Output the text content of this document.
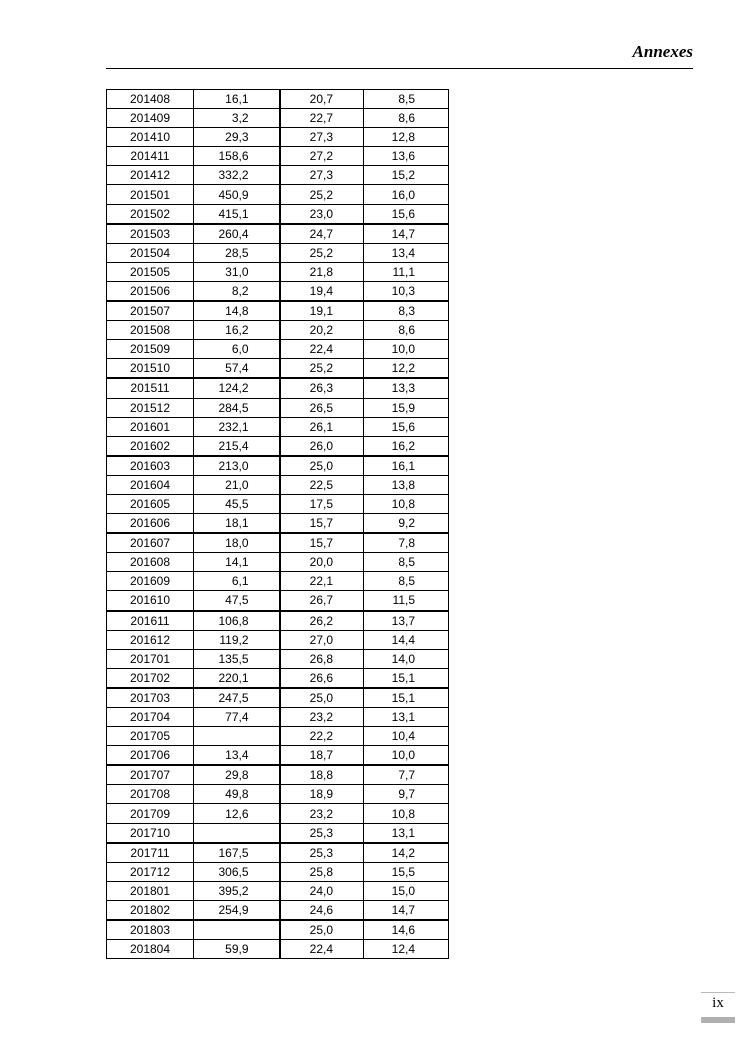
Annexes
201408	16,1	20,7	8,5
201409	3,2	22,7	8,6
201410	29,3	27,3	12,8
201411	158,6	27,2	13,6
201412	332,2	27,3	15,2
201501	450,9	25,2	16,0
201502	415,1	23,0	15,6
201503	260,4	24,7	14,7
201504	28,5	25,2	13,4
201505	31,0	21,8	11,1
201506	8,2	19,4	10,3
201507	14,8	19,1	8,3
201508	16,2	20,2	8,6
201509	6,0	22,4	10,0
201510	57,4	25,2	12,2
201511	124,2	26,3	13,3
201512	284,5	26,5	15,9
201601	232,1	26,1	15,6
201602	215,4	26,0	16,2
201603	213,0	25,0	16,1
201604	21,0	22,5	13,8
201605	45,5	17,5	10,8
201606	18,1	15,7	9,2
201607	18,0	15,7	7,8
201608	14,1	20,0	8,5
201609	6,1	22,1	8,5
201610	47,5	26,7	11,5
201611	106,8	26,2	13,7
201612	119,2	27,0	14,4
201701	135,5	26,8	14,0
201702	220,1	26,6	15,1
201703	247,5	25,0	15,1
201704	77,4	23,2	13,1
201705		22,2	10,4
201706	13,4	18,7	10,0
201707	29,8	18,8	7,7
201708	49,8	18,9	9,7
201709	12,6	23,2	10,8
201710		25,3	13,1
201711	167,5	25,3	14,2
201712	306,5	25,8	15,5
201801	395,2	24,0	15,0
201802	254,9	24,6	14,7
201803		25,0	14,6
201804	59,9	22,4	12,4
ix
